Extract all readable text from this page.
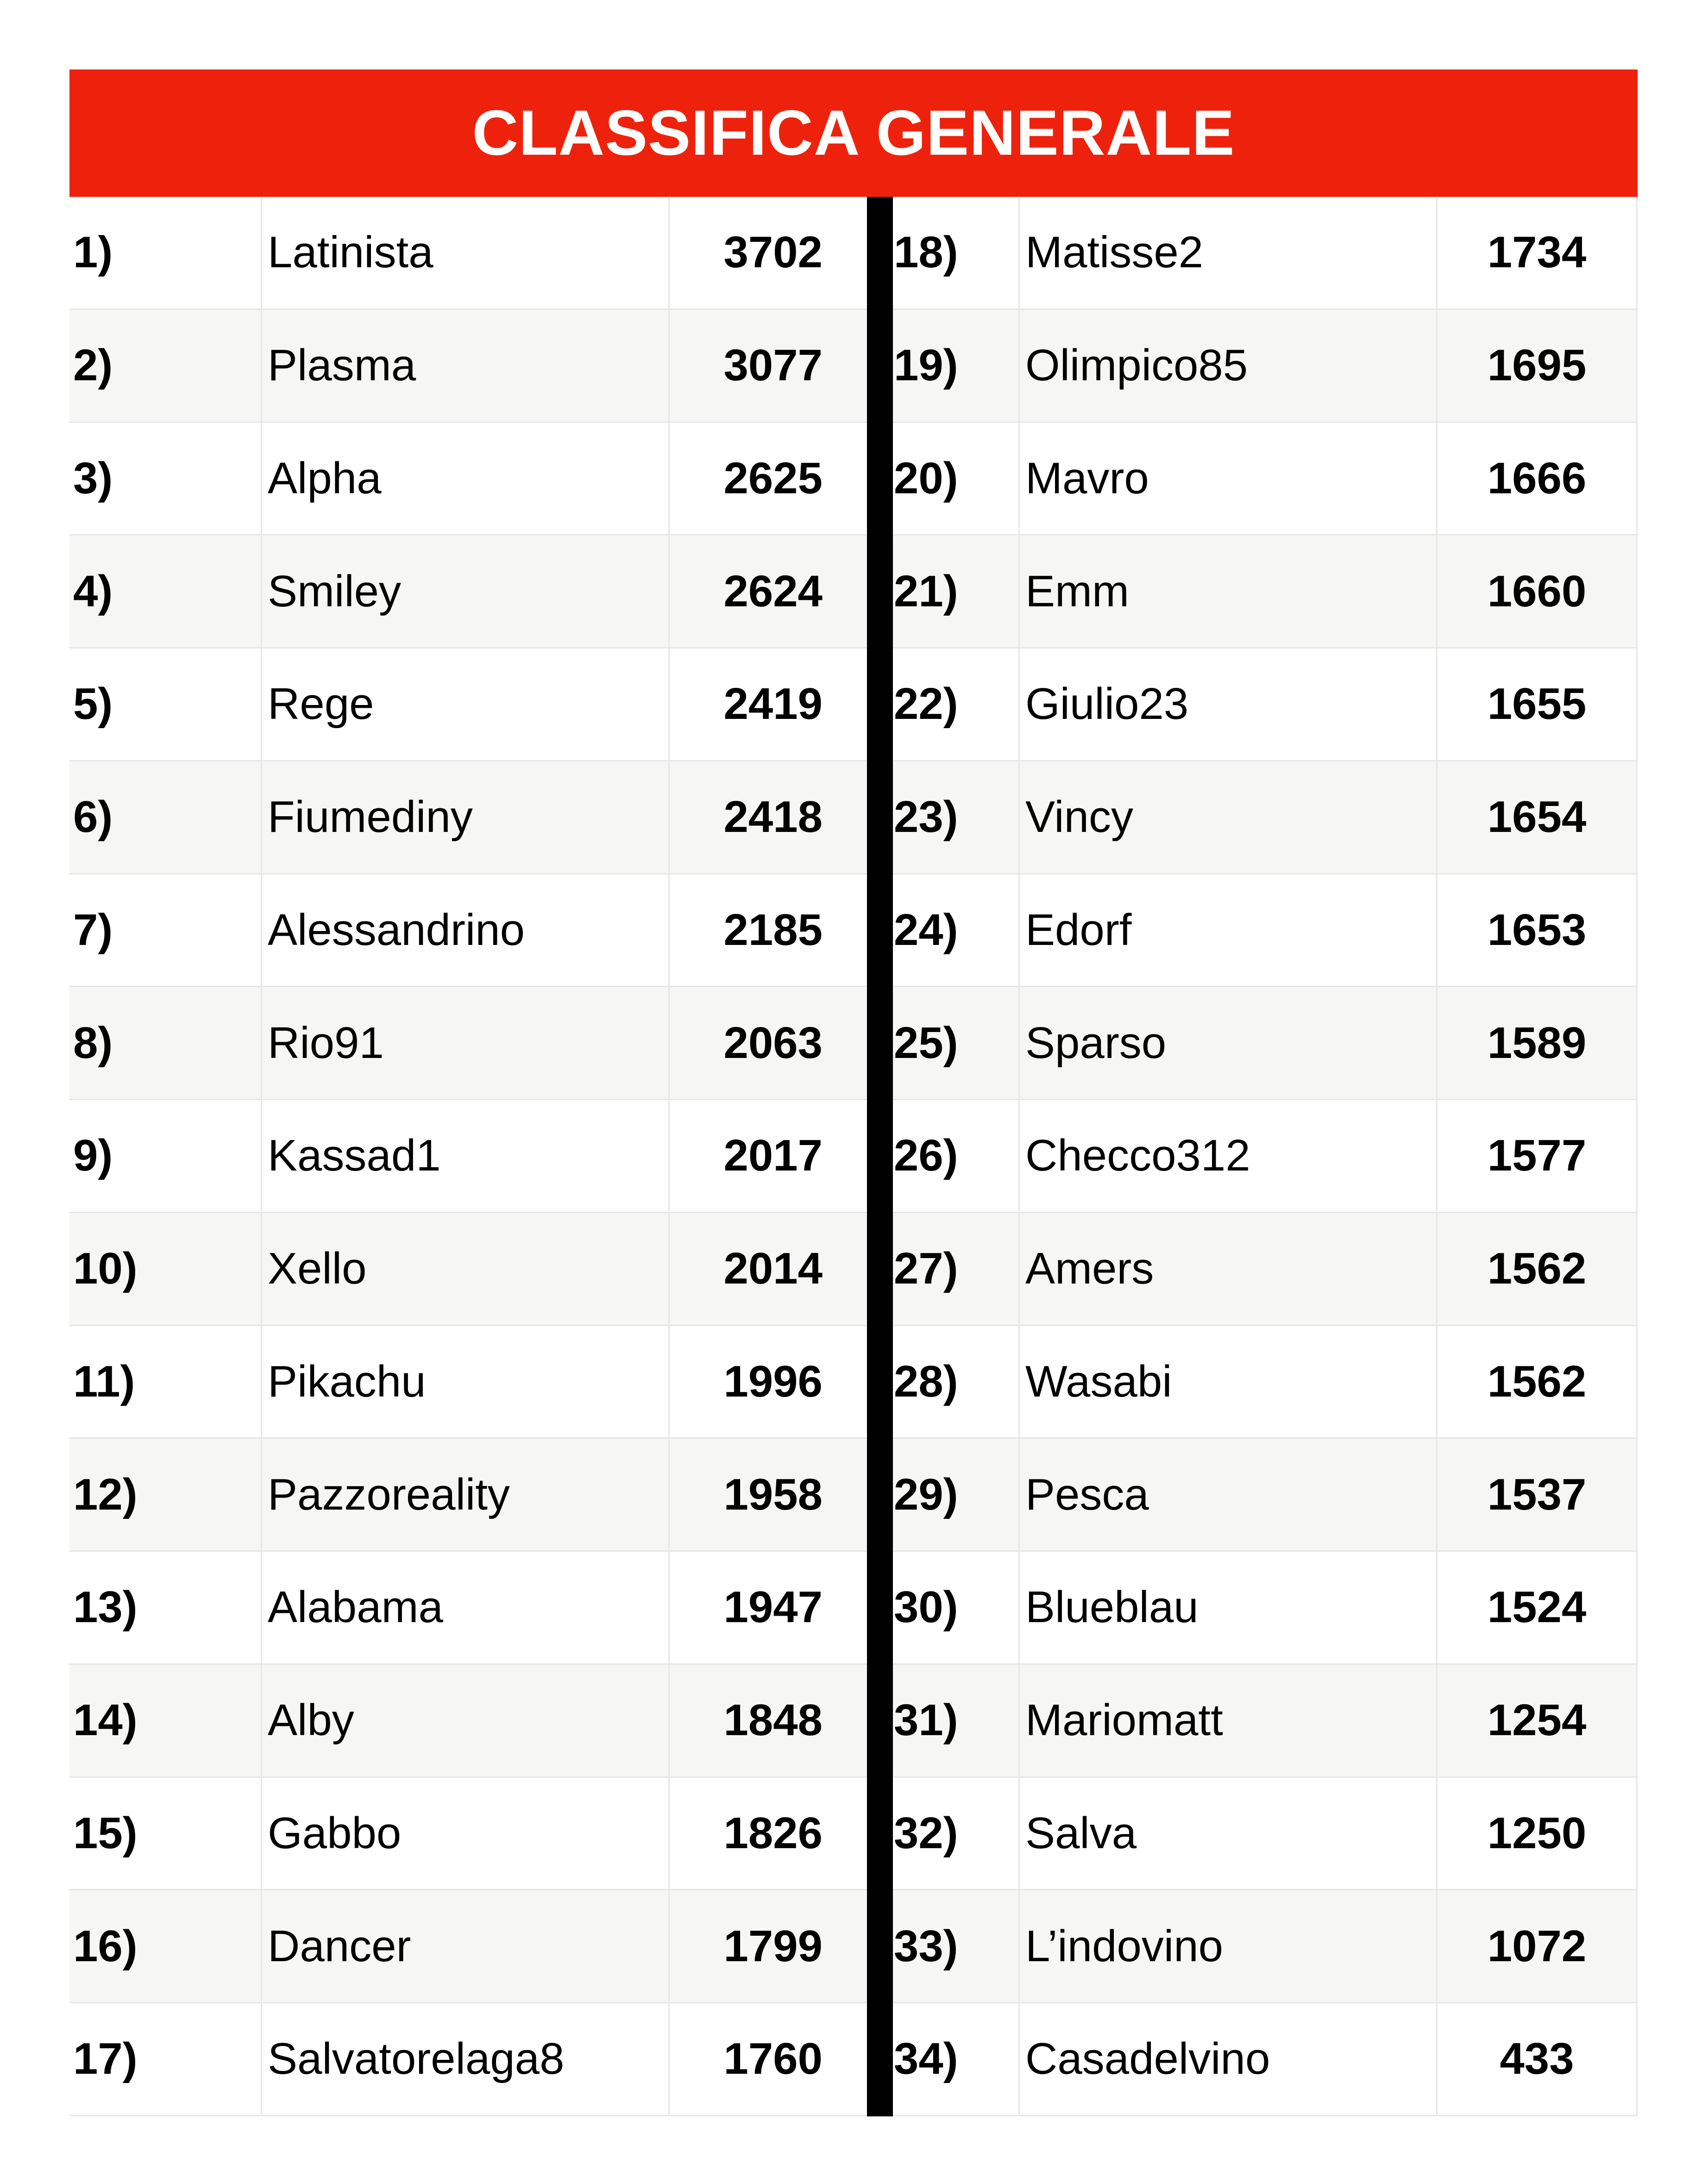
CLASSIFICA GENERALE
1)	Latinista	3702
2)	Plasma	3077
3)	Alpha	2625
4)	Smiley	2624
5)	Rege	2419
6)	Fiumediny	2418
7)	Alessandrino	2185
8)	Rio91	2063
9)	Kassad1	2017
10)	Xello	2014
11)	Pikachu	1996
12)	Pazzoreality	1958
13)	Alabama	1947
14)	Alby	1848
15)	Gabbo	1826
16)	Dancer	1799
17)	Salvatorelaga8	1760
18)	Matisse2	1734
19)	Olimpico85	1695
20)	Mavro	1666
21)	Emm	1660
22)	Giulio23	1655
23)	Vincy	1654
24)	Edorf	1653
25)	Sparso	1589
26)	Checco312	1577
27)	Amers	1562
28)	Wasabi	1562
29)	Pesca	1537
30)	Blueblau	1524
31)	Mariomatt	1254
32)	Salva	1250
33)	L’indovino	1072
34)	Casadelvino	433
